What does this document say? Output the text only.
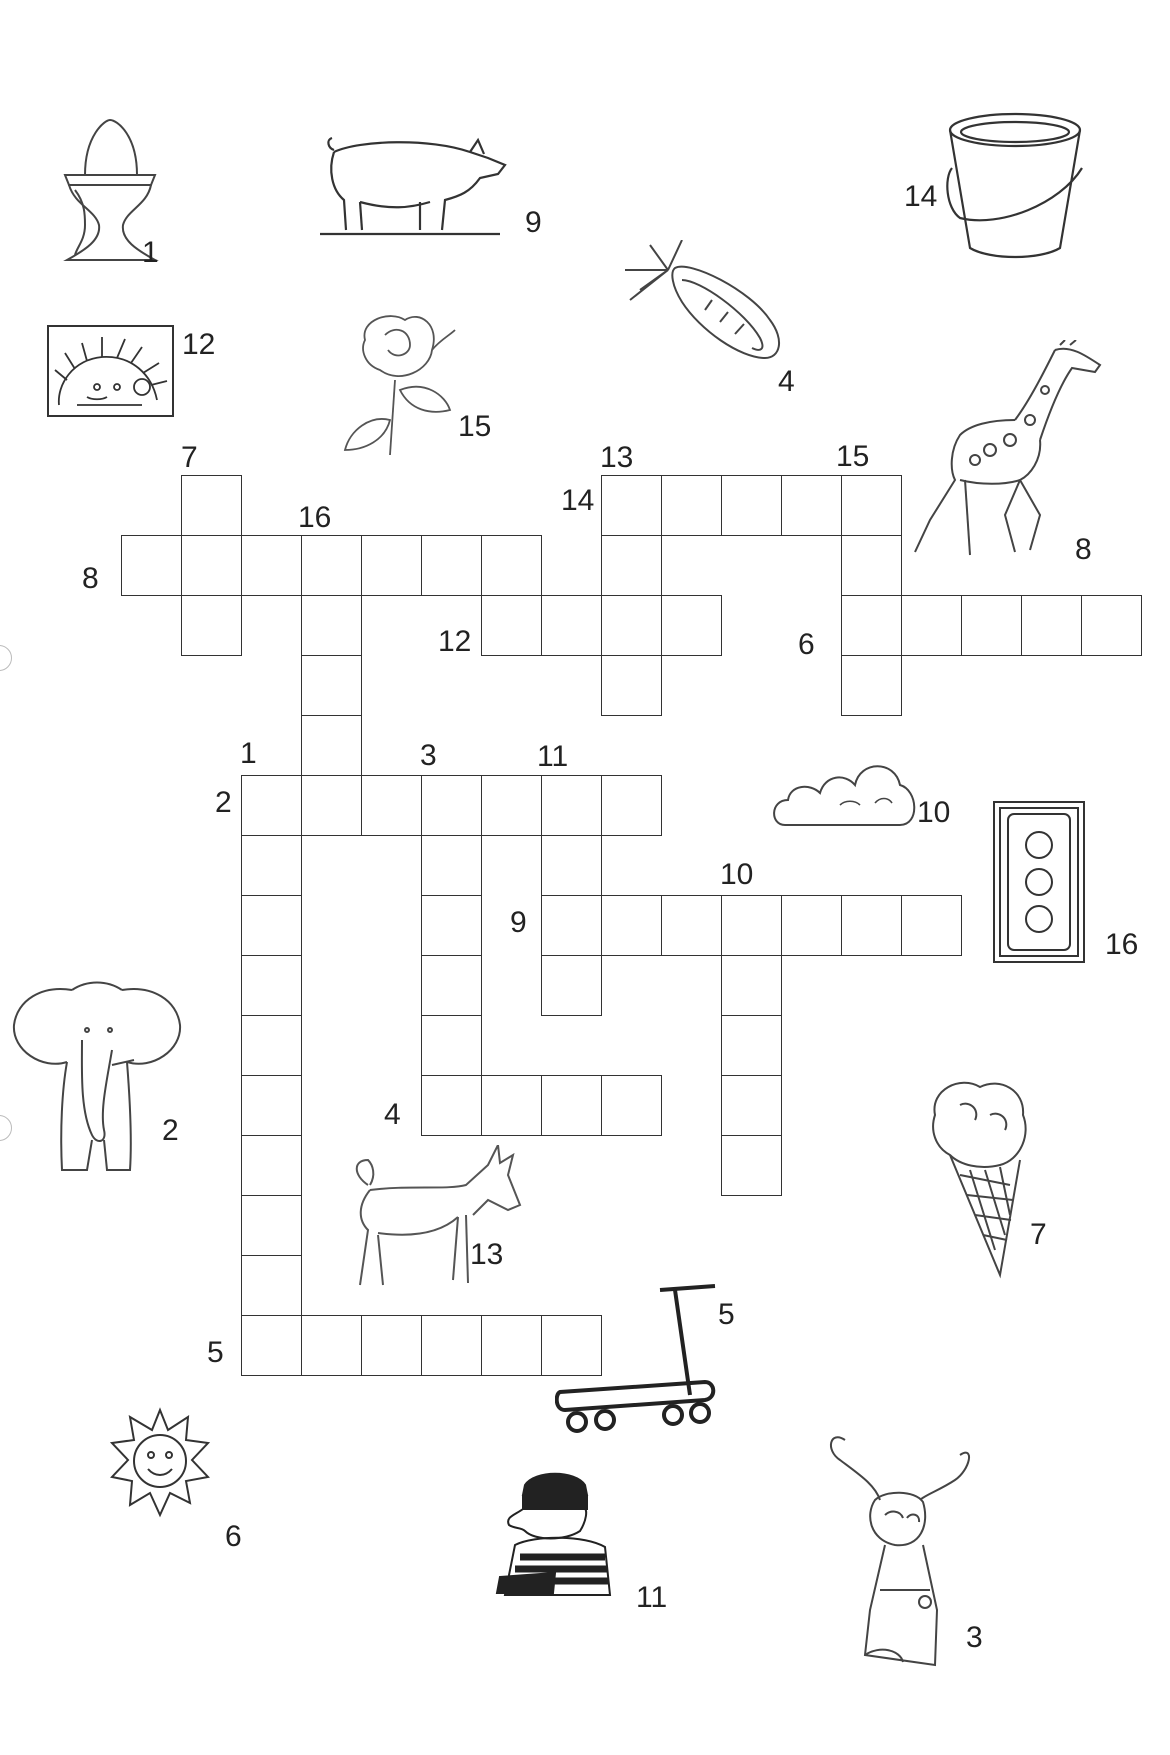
7
16
8
12
13	15
14
6
1	3	11
2
10
9
4
5
1
9
14
4
12
15
8
10
16
2
7
13
5
6
11
3
